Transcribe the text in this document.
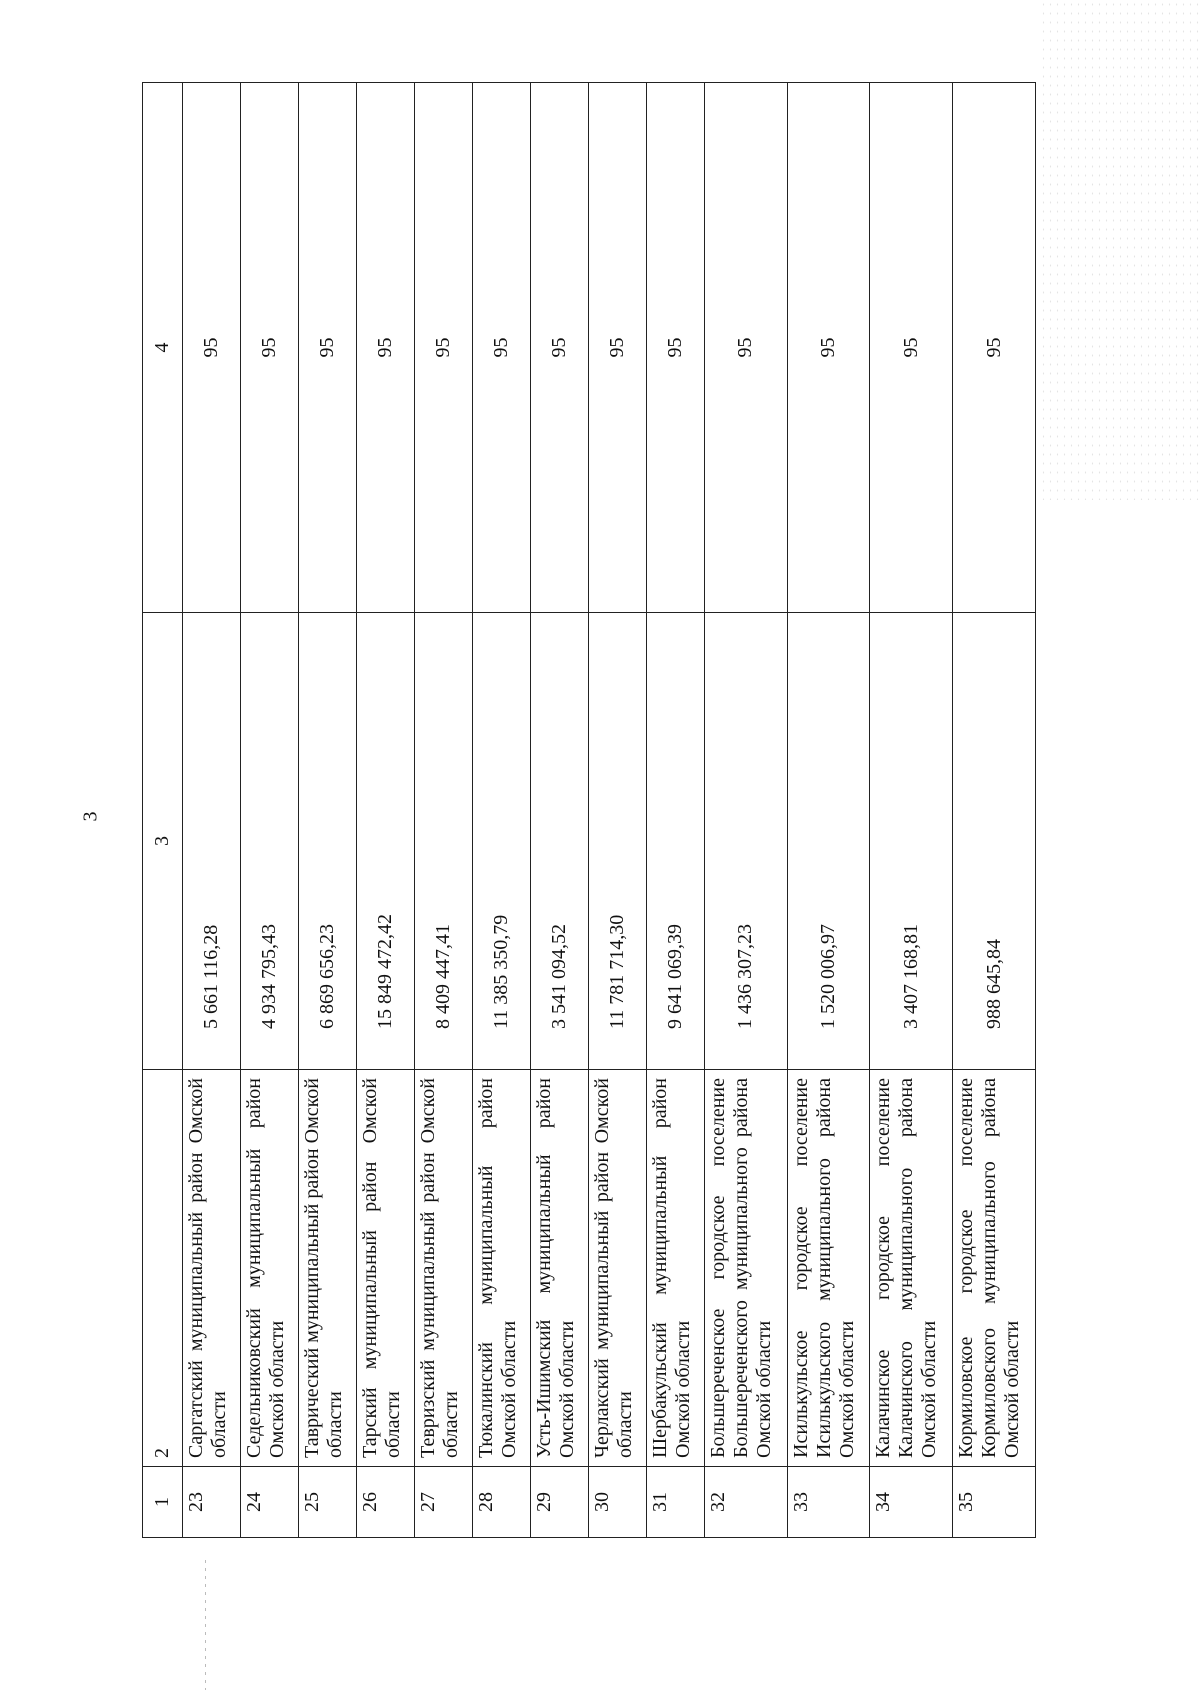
3
1	2	3	4
23	Саргатский муниципальный район Омской области	5 661 116,28	95
24	Седельниковский муниципальный район Омской области	4 934 795,43	95
25	Таврический муниципальный район Омской области	6 869 656,23	95
26	Тарский муниципальный район Омской области	15 849 472,42	95
27	Тевризский муниципальный район Омской области	8 409 447,41	95
28	Тюкалинский муниципальный район Омской области	11 385 350,79	95
29	Усть-Ишимский муниципальный район Омской области	3 541 094,52	95
30	Черлакский муниципальный район Омской области	11 781 714,30	95
31	Шербакульский муниципальный район Омской области	9 641 069,39	95
32	Большереченское городское поселение Большереченского муниципального района Омской области	1 436 307,23	95
33	Исилькульское городское поселение Исилькульского муниципального района Омской области	1 520 006,97	95
34	Калачинское городское поселение Калачинского муниципального района Омской области	3 407 168,81	95
35	Кормиловское городское поселение Кормиловского муниципального района Омской области	988 645,84	95
